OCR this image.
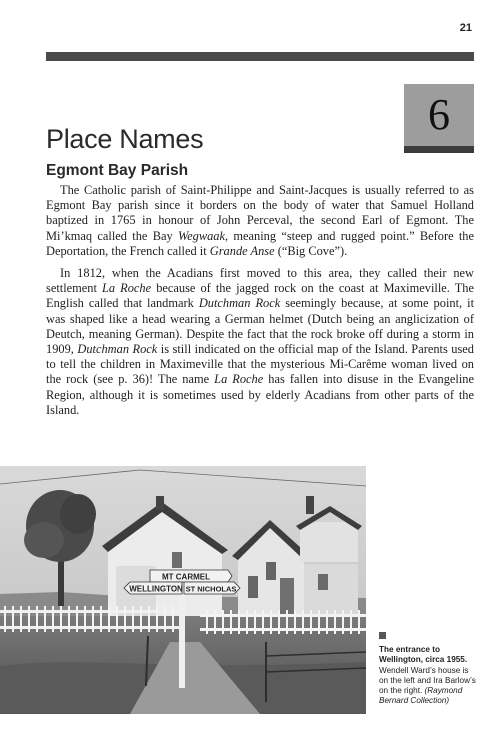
21
6
Place Names
Egmont Bay Parish

The Catholic parish of Saint-Philippe and Saint-Jacques is usually referred to as Egmont Bay parish since it borders on the body of water that Samuel Holland baptized in 1765 in honour of John Perceval, the second Earl of Egmont. The Mi’kmaq called the Bay Wegwaak, meaning “steep and rugged point.” Before the Deportation, the French called it Grande Anse (“Big Cove”).

In 1812, when the Acadians first moved to this area, they called their new settlement La Roche because of the jagged rock on the coast at Maximeville. The English called that landmark Dutchman Rock seemingly because, at some point, it was shaped like a head wearing a German helmet (Dutch being an anglicization of Deutch, meaning German). Despite the fact that the rock broke off during a storm in 1909, Dutchman Rock is still indicated on the official map of the Island. Parents used to tell the children in Maximeville that the mysterious Mi-Carême woman lived on the rock (see p. 36)! The name La Roche has fallen into disuse in the Evangeline Region, although it is sometimes used by elderly Acadians from other parts of the Island.

MT CARMEL
WELLINGTON ST NICHOLAS
The entrance to Wellington, circa 1955.
Wendell Ward’s house is on the left and Ira Barlow’s on the right. (Raymond Bernard Collection)
